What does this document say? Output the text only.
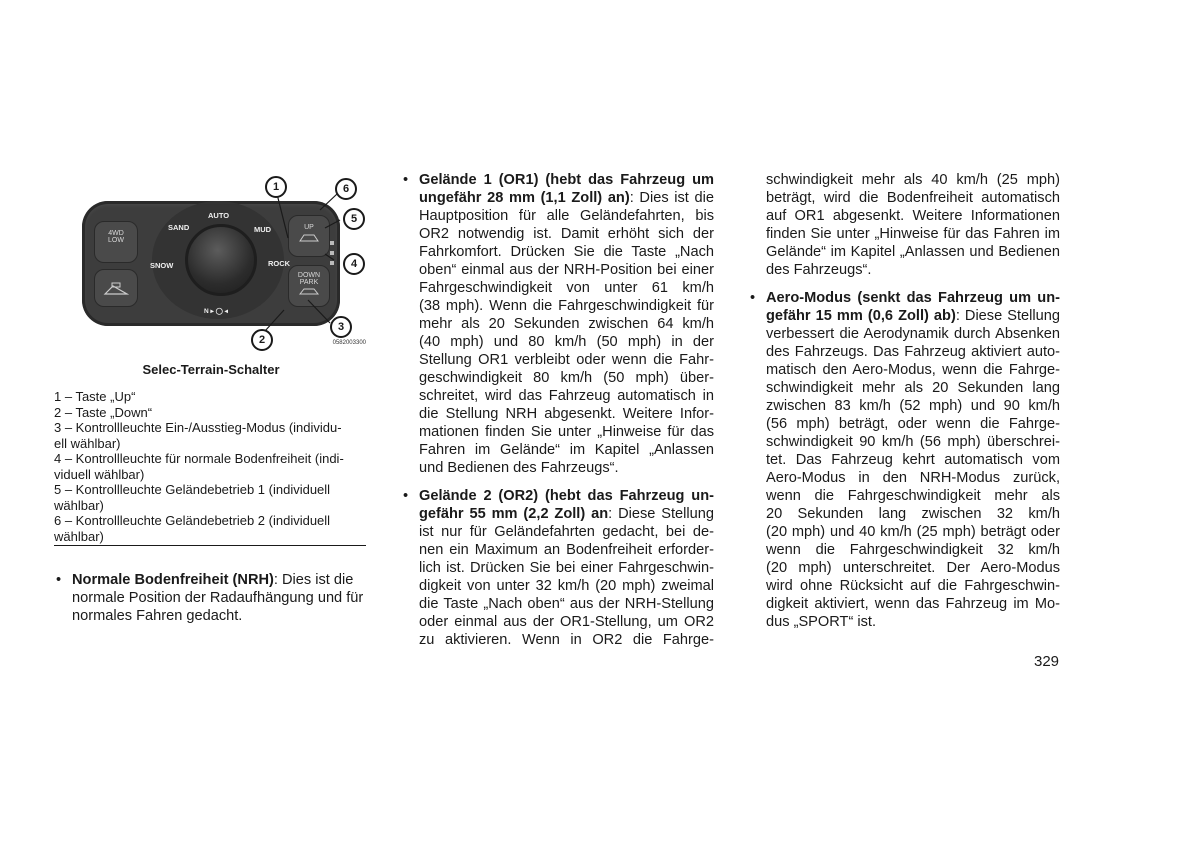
4WD
LOW
SAND
AUTO
MUD
SNOW	ROCK
N ▸ ◯ ◂
UP
DOWN
PARK
1
2
3
4
5
6
0582003300
Selec-Terrain-Schalter
1 – Taste „Up“
2 – Taste „Down“
3 – Kontrollleuchte Ein-/Ausstieg-Modus (individu-
ell wählbar)
4 – Kontrollleuchte für normale Bodenfreiheit (indi-
viduell wählbar)
5 – Kontrollleuchte Geländebetrieb 1 (individuell
wählbar)
6 – Kontrollleuchte Geländebetrieb 2 (individuell
wählbar)
• Normale Bodenfreiheit (NRH): Dies ist die
normale Position der Radaufhängung und für
normales Fahren gedacht.
• Gelände 1 (OR1) (hebt das Fahrzeug um
ungefähr 28 mm (1,1 Zoll) an): Dies ist die
Hauptposition für alle Geländefahrten, bis
OR2 notwendig ist. Damit erhöht sich der
Fahrkomfort. Drücken Sie die Taste „Nach
oben“ einmal aus der NRH-Position bei einer
Fahrgeschwindigkeit von unter 61 km/h
(38 mph). Wenn die Fahrgeschwindigkeit für
mehr als 20 Sekunden zwischen 64 km/h
(40 mph) und 80 km/h (50 mph) in der
Stellung OR1 verbleibt oder wenn die Fahr-
geschwindigkeit 80 km/h (50 mph) über-
schreitet, wird das Fahrzeug automatisch in
die Stellung NRH abgesenkt. Weitere Infor-
mationen finden Sie unter „Hinweise für das
Fahren im Gelände“ im Kapitel „Anlassen
und Bedienen des Fahrzeugs“.
• Gelände 2 (OR2) (hebt das Fahrzeug un-
gefähr 55 mm (2,2 Zoll) an: Diese Stellung
ist nur für Geländefahrten gedacht, bei de-
nen ein Maximum an Bodenfreiheit erforder-
lich ist. Drücken Sie bei einer Fahrgeschwin-
digkeit von unter 32 km/h (20 mph) zweimal
die Taste „Nach oben“ aus der NRH-Stellung
oder einmal aus der OR1-Stellung, um OR2
zu aktivieren. Wenn in OR2 die Fahrge-
schwindigkeit mehr als 40 km/h (25 mph)
beträgt, wird die Bodenfreiheit automatisch
auf OR1 abgesenkt. Weitere Informationen
finden Sie unter „Hinweise für das Fahren im
Gelände“ im Kapitel „Anlassen und Bedienen
des Fahrzeugs“.
• Aero-Modus (senkt das Fahrzeug um un-
gefähr 15 mm (0,6 Zoll) ab): Diese Stellung
verbessert die Aerodynamik durch Absenken
des Fahrzeugs. Das Fahrzeug aktiviert auto-
matisch den Aero-Modus, wenn die Fahrge-
schwindigkeit mehr als 20 Sekunden lang
zwischen 83 km/h (52 mph) und 90 km/h
(56 mph) beträgt, oder wenn die Fahrge-
schwindigkeit 90 km/h (56 mph) überschrei-
tet. Das Fahrzeug kehrt automatisch vom
Aero-Modus in den NRH-Modus zurück,
wenn die Fahrgeschwindigkeit mehr als
20 Sekunden lang zwischen 32 km/h
(20 mph) und 40 km/h (25 mph) beträgt oder
wenn die Fahrgeschwindigkeit 32 km/h
(20 mph) unterschreitet. Der Aero-Modus
wird ohne Rücksicht auf die Fahrgeschwin-
digkeit aktiviert, wenn das Fahrzeug im Mo-
dus „SPORT“ ist.
329
